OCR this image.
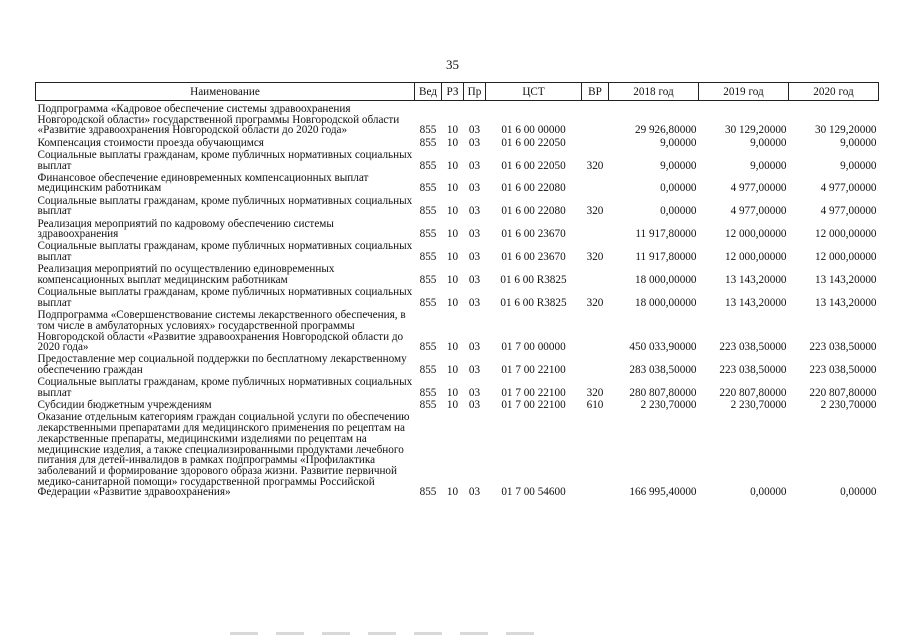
35
Наименование	Вед	РЗ	Пр	ЦСТ	ВР	2018 год	2019 год	2020 год
Подпрограмма «Кадровое обеспечение системы здравоохранения Новгородской области» государственной программы Новгородской области «Развитие здравоохранения Новгородской области до 2020 года»	855	10	03	01 6 00 00000		29 926,80000	30 129,20000	30 129,20000
Компенсация стоимости проезда обучающимся	855	10	03	01 6 00 22050		9,00000	9,00000	9,00000
Социальные выплаты гражданам, кроме публичных нормативных социальных выплат	855	10	03	01 6 00 22050	320	9,00000	9,00000	9,00000
Финансовое обеспечение единовременных компенсационных выплат медицинским работникам	855	10	03	01 6 00 22080		0,00000	4 977,00000	4 977,00000
Социальные выплаты гражданам, кроме публичных нормативных социальных выплат	855	10	03	01 6 00 22080	320	0,00000	4 977,00000	4 977,00000
Реализация мероприятий по кадровому обеспечению системы здравоохранения	855	10	03	01 6 00 23670		11 917,80000	12 000,00000	12 000,00000
Социальные выплаты гражданам, кроме публичных нормативных социальных выплат	855	10	03	01 6 00 23670	320	11 917,80000	12 000,00000	12 000,00000
Реализация мероприятий по осуществлению единовременных компенсационных выплат медицинским работникам	855	10	03	01 6 00 R3825		18 000,00000	13 143,20000	13 143,20000
Социальные выплаты гражданам, кроме публичных нормативных социальных выплат	855	10	03	01 6 00 R3825	320	18 000,00000	13 143,20000	13 143,20000
Подпрограмма «Совершенствование системы лекарственного обеспечения, в том числе в амбулаторных условиях» государственной программы Новгородской области «Развитие здравоохранения Новгородской области до 2020 года»	855	10	03	01 7 00 00000		450 033,90000	223 038,50000	223 038,50000
Предоставление мер социальной поддержки по бесплатному лекарственному обеспечению граждан	855	10	03	01 7 00 22100		283 038,50000	223 038,50000	223 038,50000
Социальные выплаты гражданам, кроме публичных нормативных социальных выплат	855	10	03	01 7 00 22100	320	280 807,80000	220 807,80000	220 807,80000
Субсидии бюджетным учреждениям	855	10	03	01 7 00 22100	610	2 230,70000	2 230,70000	2 230,70000
Оказание отдельным категориям граждан социальной услуги по обеспечению лекарственными препаратами для медицинского применения по рецептам на лекарственные препараты, медицинскими изделиями по рецептам на медицинские изделия, а также специализированными продуктами лечебного питания для детей-инвалидов в рамках подпрограммы «Профилактика заболеваний и формирование здорового образа жизни. Развитие первичной медико-санитарной помощи» государственной программы Российской Федерации «Развитие здравоохранения»	855	10	03	01 7 00 54600		166 995,40000	0,00000	0,00000
